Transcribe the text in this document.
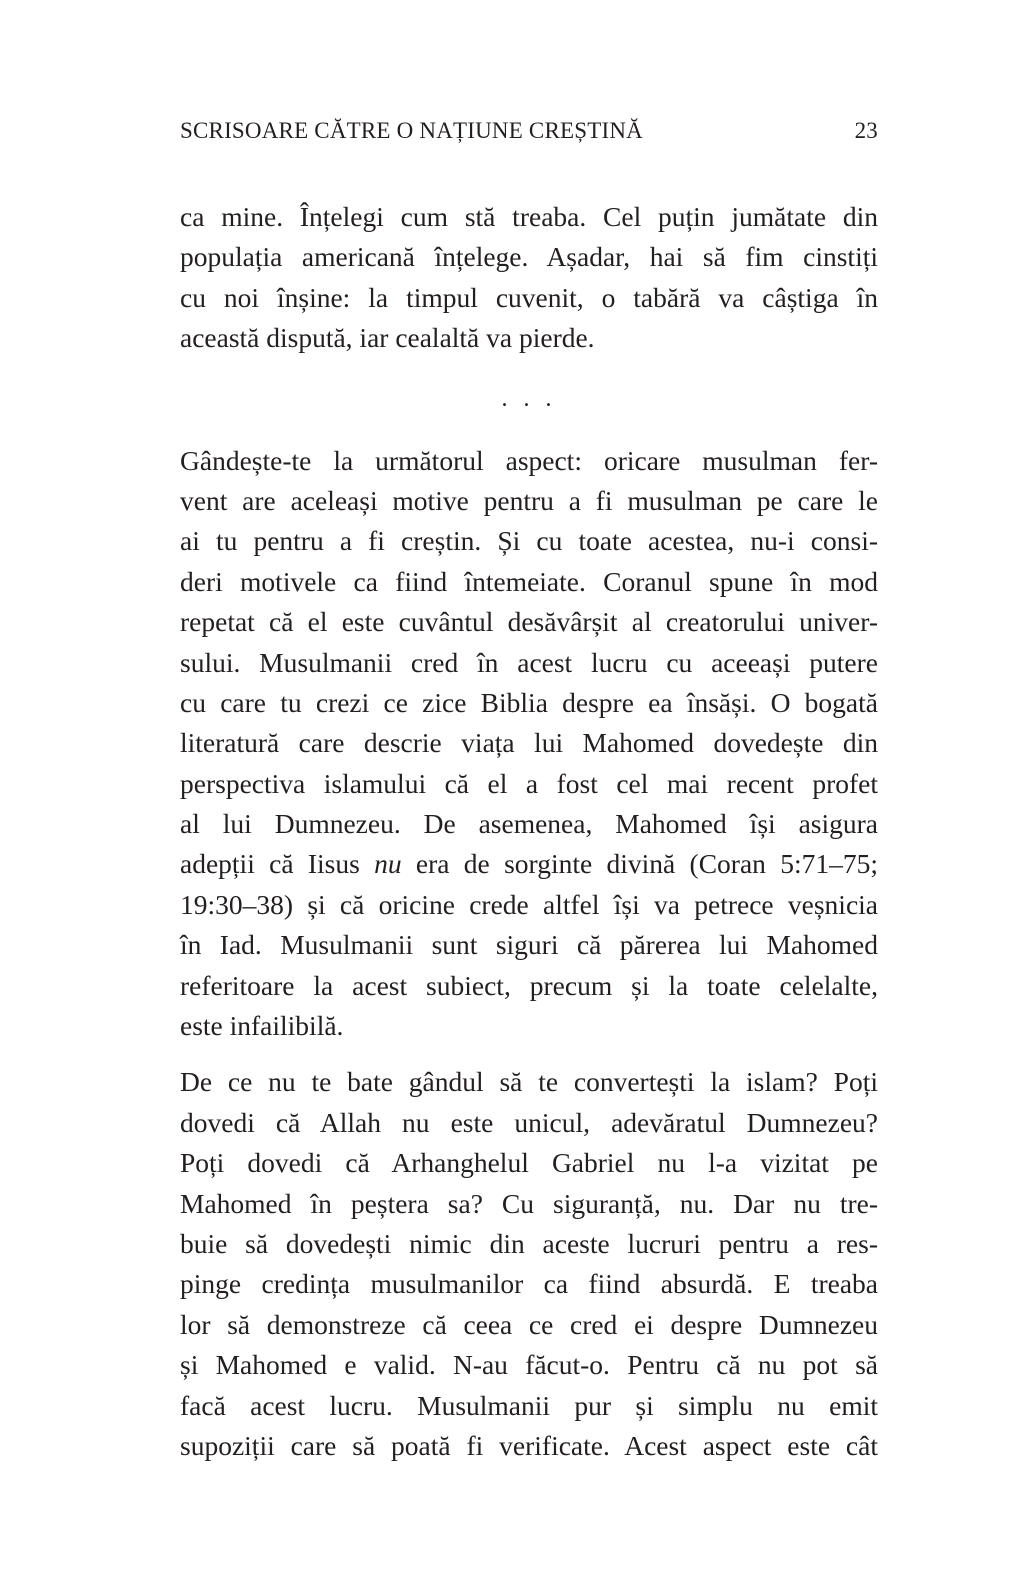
SCRISOARE CĂTRE O NAȚIUNE CREȘTINĂ	23

ca mine. Înțelegi cum stă treaba. Cel puțin jumătate din
populația americană înțelege. Așadar, hai să fim cinstiți
cu noi înșine: la timpul cuvenit, o tabără va câștiga în
această dispută, iar cealaltă va pierde.

. . .

Gândește-te la următorul aspect: oricare musulman fer-
vent are aceleași motive pentru a fi musulman pe care le
ai tu pentru a fi creștin. Și cu toate acestea, nu-i consi-
deri motivele ca fiind întemeiate. Coranul spune în mod
repetat că el este cuvântul desăvârșit al creatorului univer-
sului. Musulmanii cred în acest lucru cu aceeași putere
cu care tu crezi ce zice Biblia despre ea însăși. O bogată
literatură care descrie viața lui Mahomed dovedește din
perspectiva islamului că el a fost cel mai recent profet
al lui Dumnezeu. De asemenea, Mahomed își asigura
adepții că Iisus nu era de sorginte divină (Coran 5:71–75;
19:30–38) și că oricine crede altfel își va petrece veșnicia
în Iad. Musulmanii sunt siguri că părerea lui Mahomed
referitoare la acest subiect, precum și la toate celelalte,
este infailibilă.

De ce nu te bate gândul să te convertești la islam? Poți
dovedi că Allah nu este unicul, adevăratul Dumnezeu?
Poți dovedi că Arhanghelul Gabriel nu l-a vizitat pe
Mahomed în peștera sa? Cu siguranță, nu. Dar nu tre-
buie să dovedești nimic din aceste lucruri pentru a res-
pinge credința musulmanilor ca fiind absurdă. E treaba
lor să demonstreze că ceea ce cred ei despre Dumnezeu
și Mahomed e valid. N-au făcut-o. Pentru că nu pot să
facă acest lucru. Musulmanii pur și simplu nu emit
supoziții care să poată fi verificate. Acest aspect este cât
